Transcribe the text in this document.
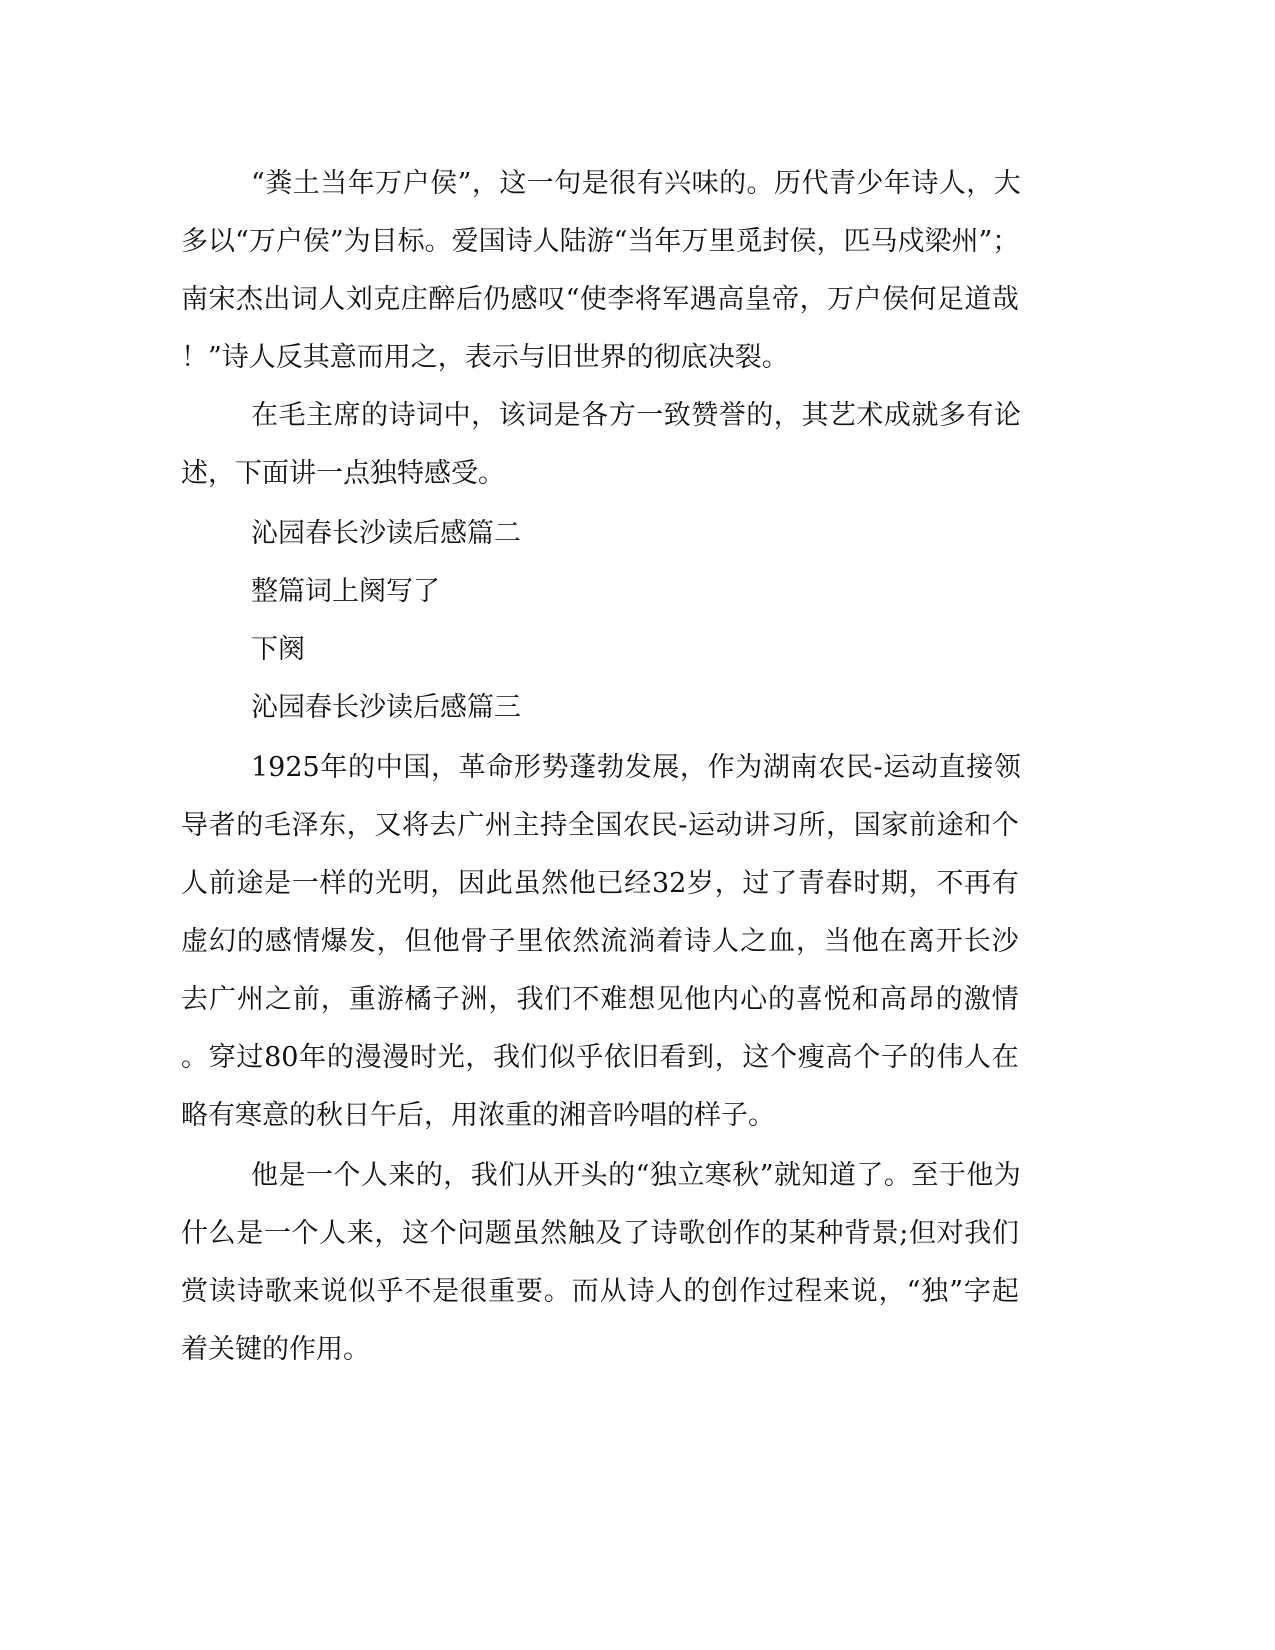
“ 粪 土 当 年 万 户 侯 ” ， 这 一 句 是 很 有 兴 味 的 。 历 代 青 少 年 诗 人 ， 大

多 以 “ 万 户 侯 ” 为 目 标 。 爱 国 诗 人 陆 游 “ 当 年 万 里 觅 封 侯 ， 匹 马 戍 梁 州 ” ；

南 宋 杰 出 词 人 刘 克 庄 醉 后 仍 感 叹 “ 使 李 将 军 遇 高 皇 帝 ， 万 户 侯 何 足 道 哉

！”诗人反其意而用之，表示与旧世界的彻底决裂。

在 毛 主 席 的 诗 词 中 ， 该 词 是 各 方 一 致 赞 誉 的 ， 其 艺 术 成 就 多 有 论

述，下面讲一点独特感受。

沁园春长沙读后感篇二

整篇词上阕写了

下阕

沁园春长沙读后感篇三

1925 年 的 中 国 ， 革 命 形 势 蓬 勃 发 展 ， 作 为 湖 南 农 民 - 运 动 直 接 领

导 者 的 毛 泽 东 ， 又 将 去 广 州 主 持 全 国 农 民 - 运 动 讲 习 所 ， 国 家 前 途 和 个

人 前 途 是 一 样 的 光 明 ， 因 此 虽 然 他 已 经 32 岁 ， 过 了 青 春 时 期 ， 不 再 有

虚 幻 的 感 情 爆 发 ， 但 他 骨 子 里 依 然 流 淌 着 诗 人 之 血 ， 当 他 在 离 开 长 沙

去 广 州 之 前 ， 重 游 橘 子 洲 ， 我 们 不 难 想 见 他 内 心 的 喜 悦 和 高 昂 的 激 情

。 穿 过 80 年 的 漫 漫 时 光 ， 我 们 似 乎 依 旧 看 到 ， 这 个 瘦 高 个 子 的 伟 人 在

略有寒意的秋日午后，用浓重的湘音吟唱的样子。

他 是 一 个 人 来 的 ， 我 们 从 开 头 的 “ 独 立 寒 秋 ” 就 知 道 了 。 至 于 他 为

什 么 是 一 个 人 来 ， 这 个 问 题 虽 然 触 及 了 诗 歌 创 作 的 某 种 背 景 ; 但 对 我 们

赏 读 诗 歌 来 说 似 乎 不 是 很 重 要 。 而 从 诗 人 的 创 作 过 程 来 说 ， “ 独 ” 字 起

着关键的作用。
